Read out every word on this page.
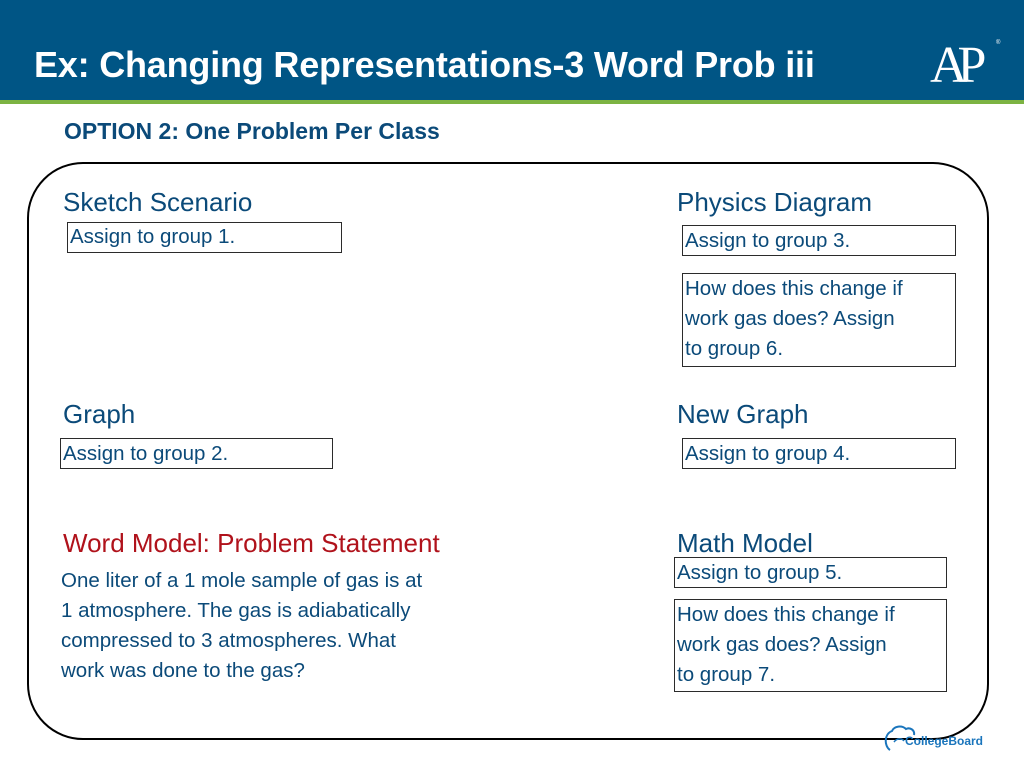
Ex: Changing Representations-3 Word Prob iii AP	®
OPTION 2: One Problem Per Class
Sketch Scenario
Assign to group 1.
Physics Diagram
Assign to group 3.
How does this change if
work gas does? Assign
to group 6.
Graph
Assign to group 2.
New Graph
Assign to group 4.
Word Model: Problem Statement
One liter of a 1 mole sample of gas is at
1 atmosphere. The gas is adiabatically
compressed to 3 atmospheres. What
work was done to the gas?
Math Model
Assign to group 5.
How does this change if
work gas does? Assign
to group 7.
CollegeBoard
